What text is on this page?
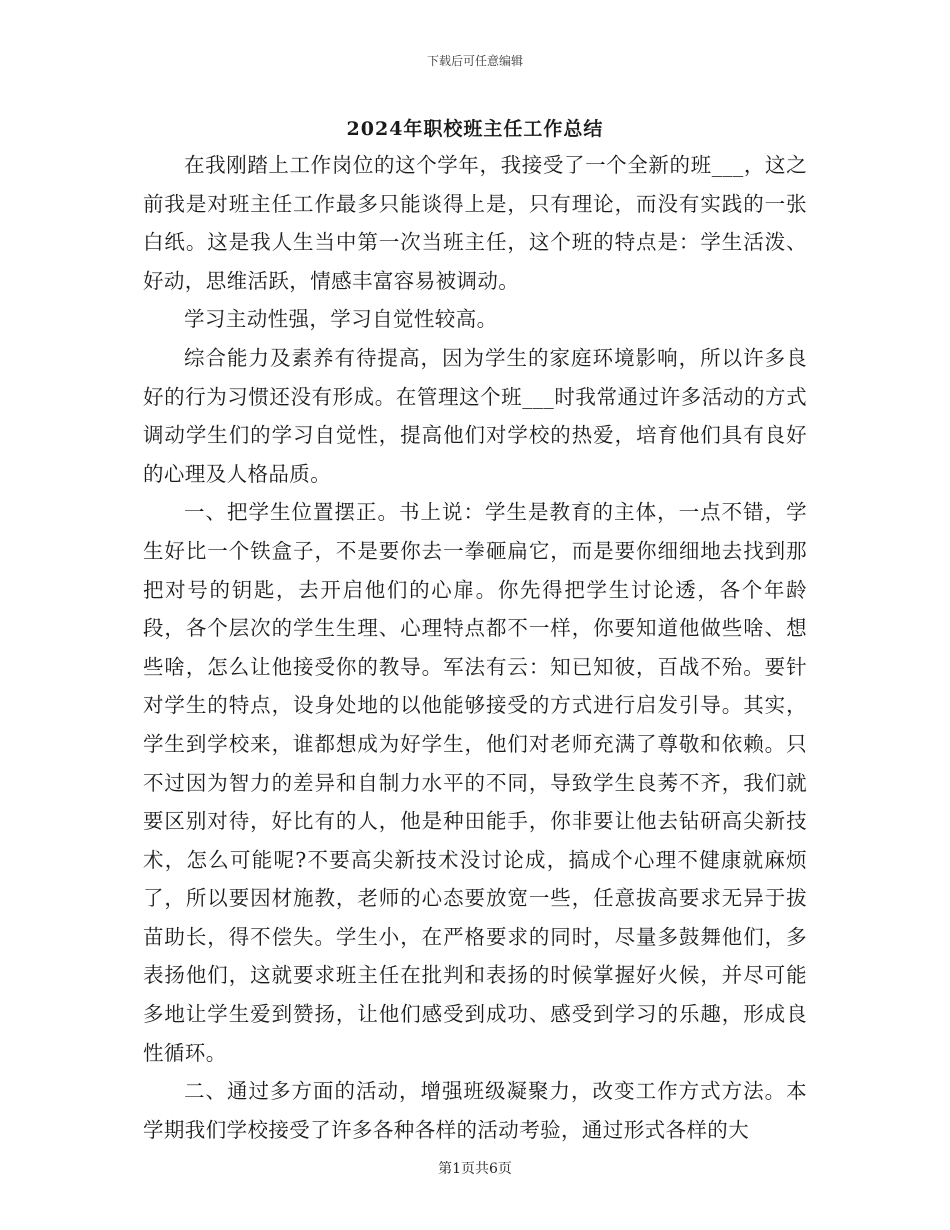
下载后可任意编辑
2024年职校班主任工作总结

在我刚踏上工作岗位的这个学年，我接受了一个全新的班___，这之前我是对班主任工作最多只能谈得上是，只有理论，而没有实践的一张白纸。这是我人生当中第一次当班主任，这个班的特点是：学生活泼、好动，思维活跃，情感丰富容易被调动。

学习主动性强，学习自觉性较高。

综合能力及素养有待提高，因为学生的家庭环境影响，所以许多良好的行为习惯还没有形成。在管理这个班___时我常通过许多活动的方式调动学生们的学习自觉性，提高他们对学校的热爱，培育他们具有良好的心理及人格品质。

一、把学生位置摆正。书上说：学生是教育的主体，一点不错，学生好比一个铁盒子，不是要你去一拳砸扁它，而是要你细细地去找到那把对号的钥匙，去开启他们的心扉。你先得把学生讨论透，各个年龄段，各个层次的学生生理、心理特点都不一样，你要知道他做些啥、想些啥，怎么让他接受你的教导。军法有云：知已知彼，百战不殆。要针对学生的特点，设身处地的以他能够接受的方式进行启发引导。其实，学生到学校来，谁都想成为好学生，他们对老师充满了尊敬和依赖。只不过因为智力的差异和自制力水平的不同，导致学生良莠不齐，我们就要区别对待，好比有的人，他是种田能手，你非要让他去钻研高尖新技术，怎么可能呢?不要高尖新技术没讨论成，搞成个心理不健康就麻烦了，所以要因材施教，老师的心态要放宽一些，任意拔高要求无异于拔苗助长，得不偿失。学生小，在严格要求的同时，尽量多鼓舞他们，多表扬他们，这就要求班主任在批判和表扬的时候掌握好火候，并尽可能多地让学生爱到赞扬，让他们感受到成功、感受到学习的乐趣，形成良性循环。

二、通过多方面的活动，增强班级凝聚力，改变工作方式方法。本学期我们学校接受了许多各种各样的活动考验，通过形式各样的大

第1页共6页
